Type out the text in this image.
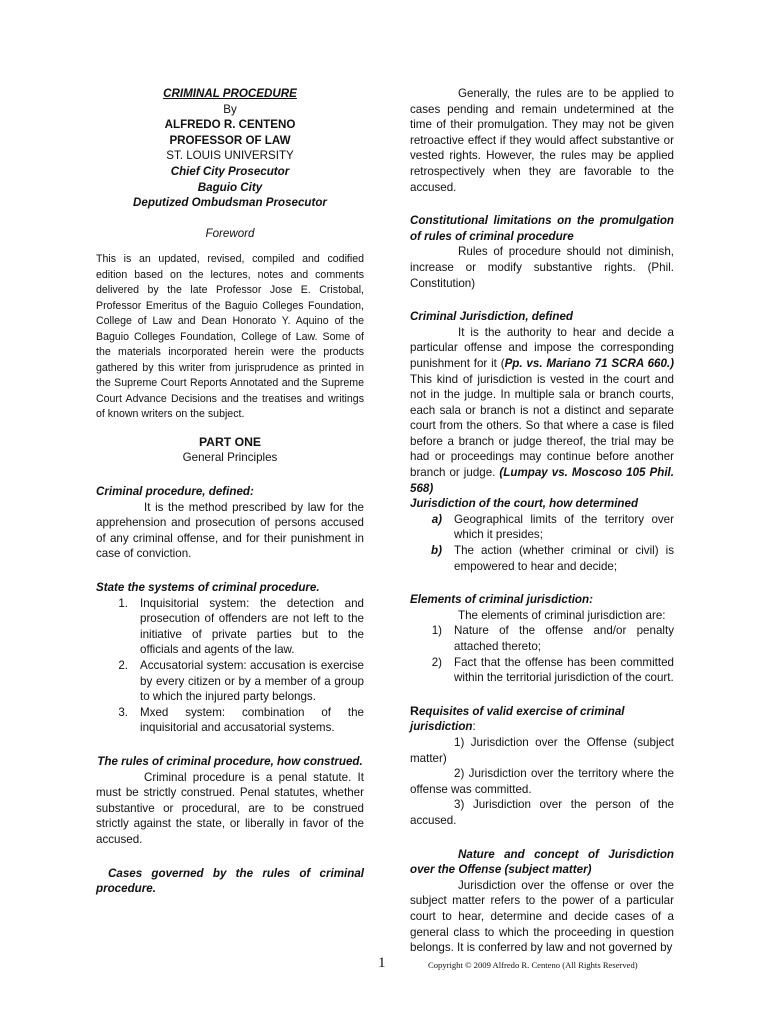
CRIMINAL PROCEDURE

By

ALFREDO R. CENTENO

PROFESSOR OF LAW

ST. LOUIS UNIVERSITY

Chief City Prosecutor

Baguio City

Deputized Ombudsman Prosecutor

Foreword

This is an updated, revised, compiled and codified edition based on the lectures, notes and comments delivered by the late Professor Jose E. Cristobal, Professor Emeritus of the Baguio Colleges Foundation, College of Law and Dean Honorato Y. Aquino of the Baguio Colleges Foundation, College of Law. Some of the materials incorporated herein were the products gathered by this writer from jurisprudence as printed in the Supreme Court Reports Annotated and the Supreme Court Advance Decisions and the treatises and writings of known writers on the subject.

PART ONE

General Principles

Criminal procedure, defined:

It is the method prescribed by law for the apprehension and prosecution of persons accused of any criminal offense, and for their punishment in case of conviction.

State the systems of criminal procedure.

1.	Inquisitorial system: the detection and prosecution of offenders are not left to the initiative of private parties but to the officials and agents of the law.
2.	Accusatorial system: accusation is exercise by every citizen or by a member of a group to which the injured party belongs.
3.	Mxed system: combination of the inquisitorial and accusatorial systems.

The rules of criminal procedure, how construed.

Criminal procedure is a penal statute. It must be strictly construed. Penal statutes, whether substantive or procedural, are to be construed strictly against the state, or liberally in favor of the accused.

Cases governed by the rules of criminal procedure.

Generally, the rules are to be applied to cases pending and remain undetermined at the time of their promulgation. They may not be given retroactive effect if they would affect substantive or vested rights. However, the rules may be applied retrospectively when they are favorable to the accused.

Constitutional limitations on the promulgation of rules of criminal procedure

Rules of procedure should not diminish, increase or modify substantive rights. (Phil. Constitution)

Criminal Jurisdiction, defined

It is the authority to hear and decide a particular offense and impose the corresponding punishment for it (Pp. vs. Mariano 71 SCRA 660.) This kind of jurisdiction is vested in the court and not in the judge. In multiple sala or branch courts, each sala or branch is not a distinct and separate court from the others. So that where a case is filed before a branch or judge thereof, the trial may be had or proceedings may continue before another branch or judge. (Lumpay vs. Moscoso 105 Phil. 568)

Jurisdiction of the court, how determined

a)	Geographical limits of the territory over which it presides;
b)	The action (whether criminal or civil) is empowered to hear and decide;

Elements of criminal jurisdiction:

The elements of criminal jurisdiction are:

1)	Nature of the offense and/or penalty attached thereto;
2)	Fact that the offense has been committed within the territorial jurisdiction of the court.

Requisites of valid exercise of criminal jurisdiction:

1) Jurisdiction over the Offense (subject matter)

2) Jurisdiction over the territory where the offense was committed.

3) Jurisdiction over the person of the accused.

Nature and concept of Jurisdiction over the Offense (subject matter)

Jurisdiction over the offense or over the subject matter refers to the power of a particular court to hear, determine and decide cases of a general class to which the proceeding in question belongs. It is conferred by law and not governed by

1	Copyright © 2009 Alfredo R. Centeno (All Rights Reserved)
